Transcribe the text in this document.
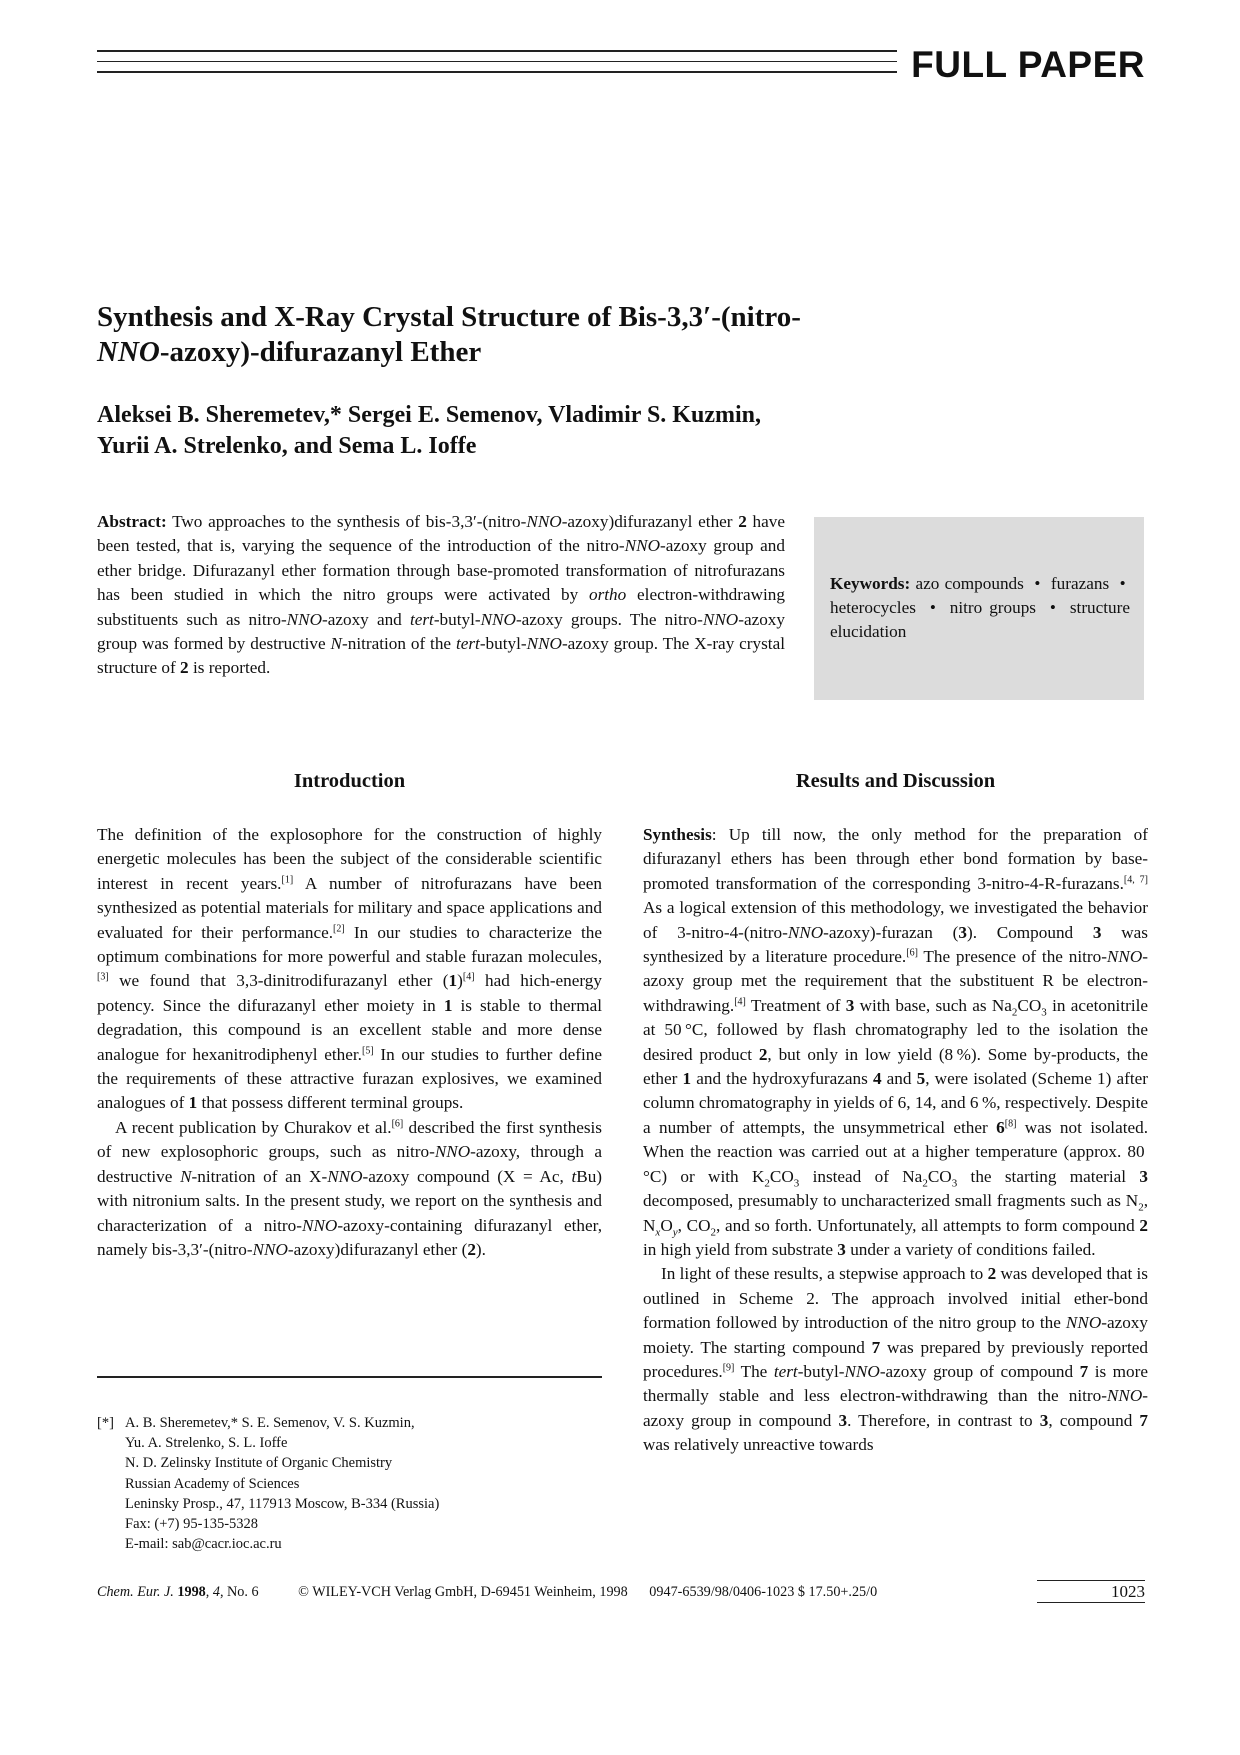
FULL PAPER
Synthesis and X-Ray Crystal Structure of Bis-3,3′-(nitro-
NNO-azoxy)-difurazanyl Ether
Aleksei B. Sheremetev,* Sergei E. Semenov, Vladimir S. Kuzmin,
Yurii A. Strelenko, and Sema L. Ioffe
Abstract: Two approaches to the synthesis of bis-3,3′-(nitro-NNO-azoxy)difurazanyl ether 2 have been tested, that is, varying the sequence of the introduction of the nitro-NNO-azoxy group and ether bridge. Difurazanyl ether formation through base-promoted transformation of nitrofurazans has been studied in which the nitro groups were activated by ortho electron-withdrawing substituents such as nitro-NNO-azoxy and tert-butyl-NNO-azoxy groups. The nitro-NNO-azoxy group was formed by destructive N-nitration of the tert-butyl-NNO-azoxy group. The X-ray crystal structure of 2 is reported.
Keywords: azo compounds  •  furazans  •  heterocycles  •  nitro groups  •  structure elucidation
Introduction	Results and Discussion

The definition of the explosophore for the construction of highly energetic molecules has been the subject of the considerable scientific interest in recent years.[1] A number of nitrofurazans have been synthesized as potential materials for military and space applications and evaluated for their performance.[2] In our studies to characterize the optimum combinations for more powerful and stable furazan molecules,[3] we found that 3,3-dinitrodifurazanyl ether (1)[4] had hich-energy potency. Since the difurazanyl ether moiety in 1 is stable to thermal degradation, this compound is an excellent stable and more dense analogue for hexanitrodiphenyl ether.[5] In our studies to further define the requirements of these attractive furazan explosives, we examined analogues of 1 that possess different terminal groups.

A recent publication by Churakov et al.[6] described the first synthesis of new explosophoric groups, such as nitro-NNO-azoxy, through a destructive N-nitration of an X-NNO-azoxy compound (X = Ac, tBu) with nitronium salts. In the present study, we report on the synthesis and characterization of a nitro-NNO-azoxy-containing difurazanyl ether, namely bis-3,3′-(nitro-NNO-azoxy)difurazanyl ether (2).

[*] A. B. Sheremetev,* S. E. Semenov, V. S. Kuzmin,
Yu. A. Strelenko, S. L. Ioffe
N. D. Zelinsky Institute of Organic Chemistry
Russian Academy of Sciences
Leninsky Prosp., 47, 117913 Moscow, B-334 (Russia)
Fax: (+7) 95-135-5328
E-mail: sab@cacr.ioc.ac.ru

Synthesis: Up till now, the only method for the preparation of difurazanyl ethers has been through ether bond formation by base-promoted transformation of the corresponding 3-nitro-4-R-furazans.[4, 7] As a logical extension of this methodology, we investigated the behavior of 3-nitro-4-(nitro-NNO-azoxy)-furazan (3). Compound 3 was synthesized by a literature procedure.[6] The presence of the nitro-NNO-azoxy group met the requirement that the substituent R be electron-withdrawing.[4] Treatment of 3 with base, such as $Na_2CO_3$ in acetonitrile at 50 °C, followed by flash chromatography led to the isolation the desired product 2, but only in low yield (8 %). Some by-products, the ether 1 and the hydroxyfurazans 4 and 5, were isolated (Scheme 1) after column chromatography in yields of 6, 14, and 6 %, respectively. Despite a number of attempts, the unsymmetrical ether 6[8] was not isolated. When the reaction was carried out at a higher temperature (approx. 80 °C) or with $K_2CO_3$ instead of $Na_2CO_3$ the starting material 3 decomposed, presumably to uncharacterized small fragments such as $N_2$, $N_xO_y$, $CO_2$, and so forth. Unfortunately, all attempts to form compound 2 in high yield from substrate 3 under a variety of conditions failed.

In light of these results, a stepwise approach to 2 was developed that is outlined in Scheme 2. The approach involved initial ether-bond formation followed by introduction of the nitro group to the NNO-azoxy moiety. The starting compound 7 was prepared by previously reported procedures.[9] The tert-butyl-NNO-azoxy group of compound 7 is more thermally stable and less electron-withdrawing than the nitro-NNO-azoxy group in compound 3. Therefore, in contrast to 3, compound 7 was relatively unreactive towards

Chem. Eur. J. 1998, 4, No. 6	© WILEY-VCH Verlag GmbH, D-69451 Weinheim, 1998 0947-6539/98/0406-1023 $ 17.50+.25/0	1023
